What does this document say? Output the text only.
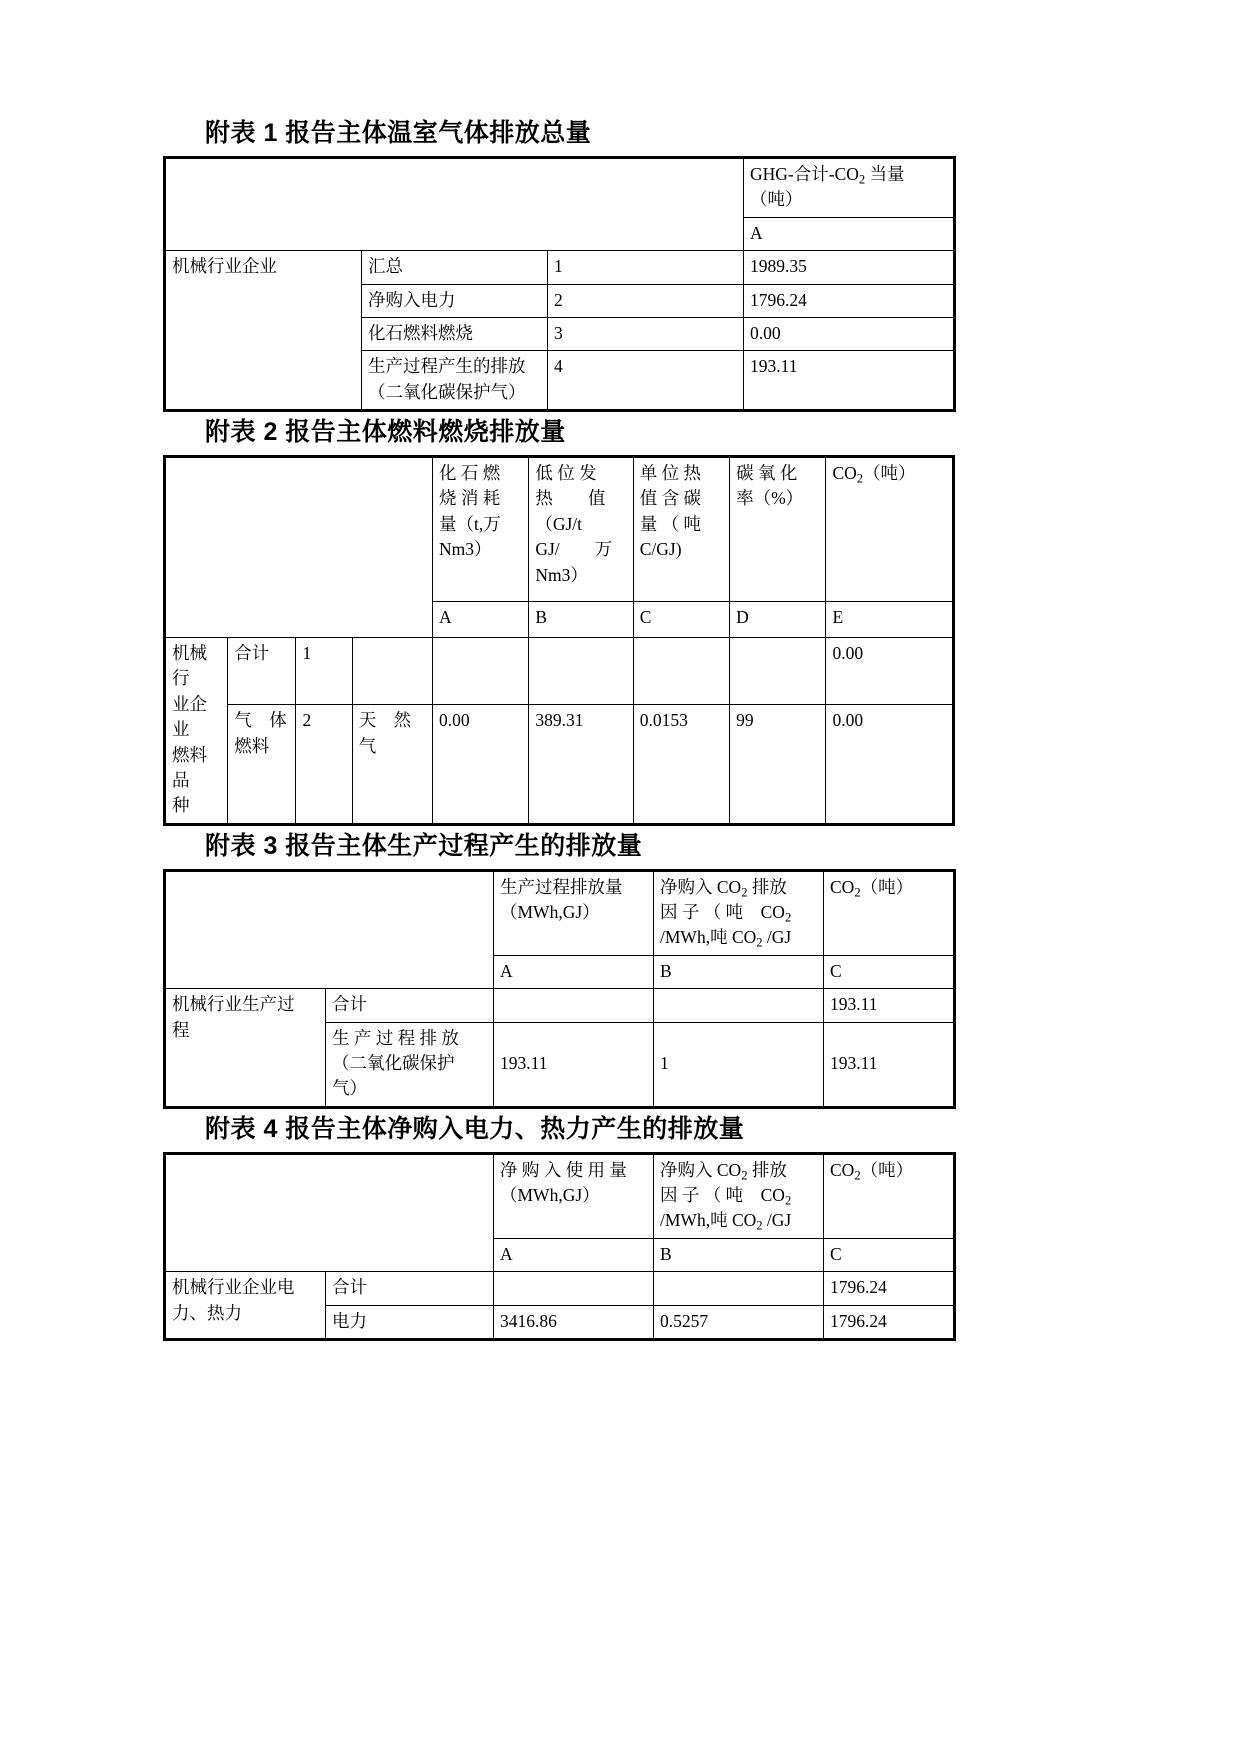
附表 1 报告主体温室气体排放总量
			GHG-合计$-CO_2$ 当量
（吨）
			A
机械行业企业	汇总	1	1989.35
	净购入电力	2	1796.24
	化石燃料燃烧	3	0.00
	生产过程产生的排放
（二氧化碳保护气）	4	193.11
附表 2 报告主体燃料燃烧排放量
				化 石 燃
烧 消 耗
量（t,万
Nm3）	低 位 发
热　　值
（GJ/t
GJ/　　万
Nm3）	单 位 热
值 含 碳
量 （ 吨
C/GJ)	碳 氧 化
率（%）	$CO_2$（吨）
				A	B	C	D	E
机械行
业企业
燃料品
种	合计	1						0.00
	气　体
燃料	2	天　然
气	0.00	389.31	0.0153	99	0.00
附表 3 报告主体生产过程产生的排放量
		生产过程排放量
（MWh,GJ）	净购入 $CO_2$ 排放
因 子 （ 吨　$CO_2$
/MWh,吨 $CO_2$ /GJ	$CO_2$（吨）
		A	B	C
机械行业生产过
程	合计			193.11
	生 产 过 程 排 放
（二氧化碳保护
气）	193.11	1	193.11
附表 4 报告主体净购入电力、热力产生的排放量
		净 购 入 使 用 量
（MWh,GJ）	净购入 $CO_2$ 排放
因 子 （ 吨　$CO_2$
/MWh,吨 $CO_2$ /GJ	$CO_2$（吨）
		A	B	C
机械行业企业电
力、热力	合计			1796.24
	电力	3416.86	0.5257	1796.24
